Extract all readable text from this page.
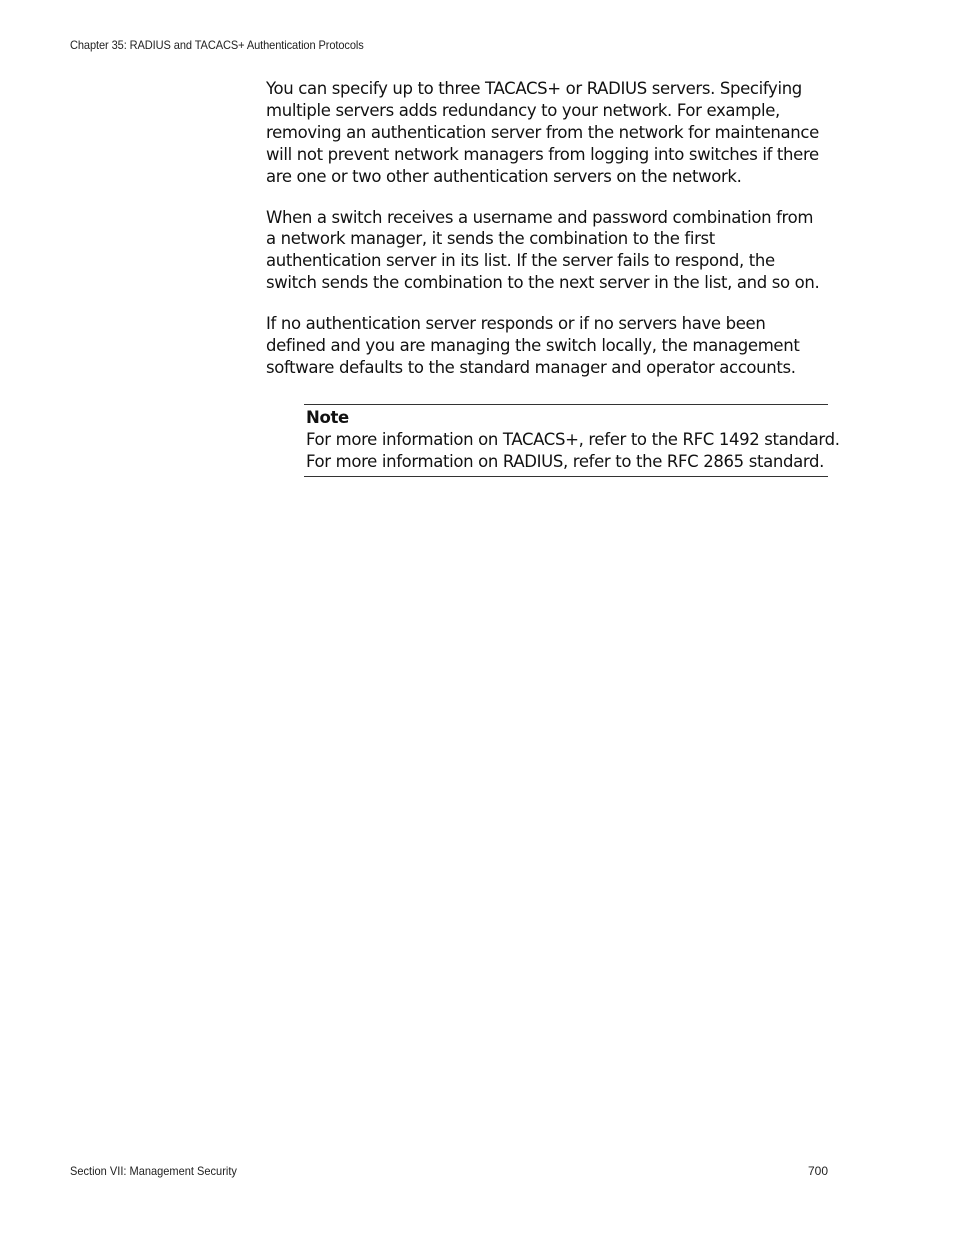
Chapter 35: RADIUS and TACACS+ Authentication Protocols

You can specify up to three TACACS+ or RADIUS servers. Specifying multiple servers adds redundancy to your network. For example, removing an authentication server from the network for maintenance will not prevent network managers from logging into switches if there are one or two other authentication servers on the network.

When a switch receives a username and password combination from a network manager, it sends the combination to the first authentication server in its list. If the server fails to respond, the switch sends the combination to the next server in the list, and so on.

If no authentication server responds or if no servers have been defined and you are managing the switch locally, the management software defaults to the standard manager and operator accounts.

Note
For more information on TACACS+, refer to the RFC 1492 standard.
For more information on RADIUS, refer to the RFC 2865 standard.
Section VII: Management Security	700
